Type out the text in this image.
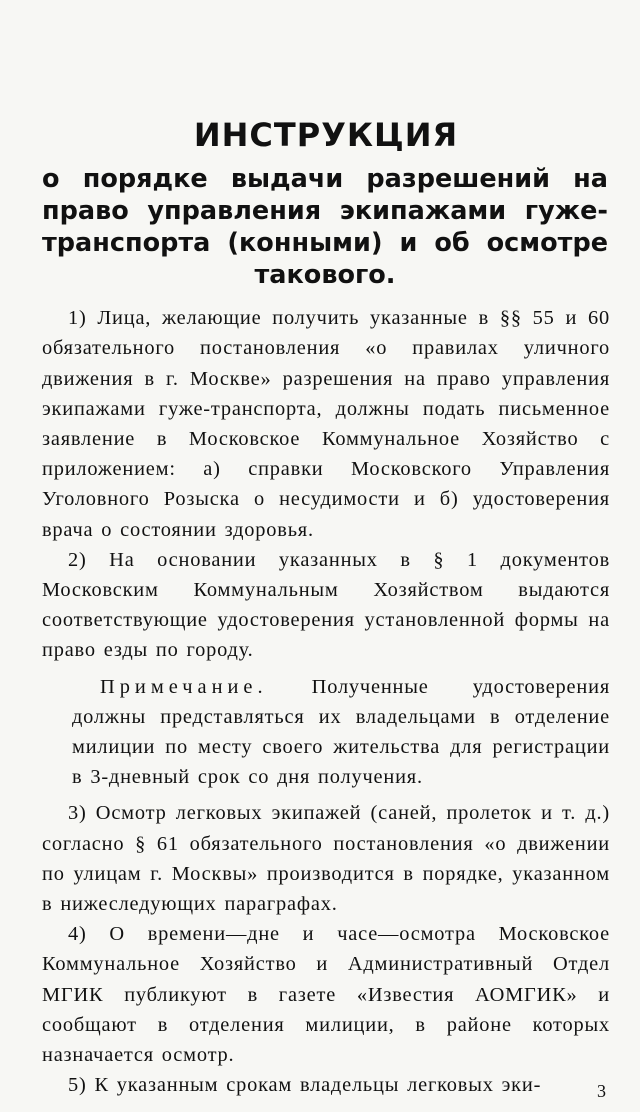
ИНСТРУКЦИЯ
о порядке выдачи разрешений на право управления экипажами гуже-транспорта (конными) и об осмотре такового.

1) Лица, желающие получить указанные в §§ 55 и 60 обязательного постановления «о правилах уличного движения в г. Москве» разрешения на право управления экипажами гуже-транспорта, должны подать письменное заявление в Московское Коммунальное Хозяйство с приложением: а) справки Московского Управления Уголовного Розыска о несудимости и б) удостоверения врача о состоянии здоровья.

2) На основании указанных в § 1 документов Московским Коммунальным Хозяйством выдаются соответствующие удостоверения установленной формы на право езды по городу.

Примечание. Полученные удостоверения должны представляться их владельцами в отделение милиции по месту своего жительства для регистрации в 3-дневный срок со дня получения.

3) Осмотр легковых экипажей (саней, пролеток и т. д.) согласно § 61 обязательного постановления «о движении по улицам г. Москвы» производится в порядке, указанном в нижеследующих параграфах.

4) О времени—дне и часе—осмотра Московское Коммунальное Хозяйство и Административный Отдел МГИК публикуют в газете «Известия АОМГИК» и сообщают в отделения милиции, в районе которых назначается осмотр.

5) К указанным срокам владельцы легковых эки-	3
